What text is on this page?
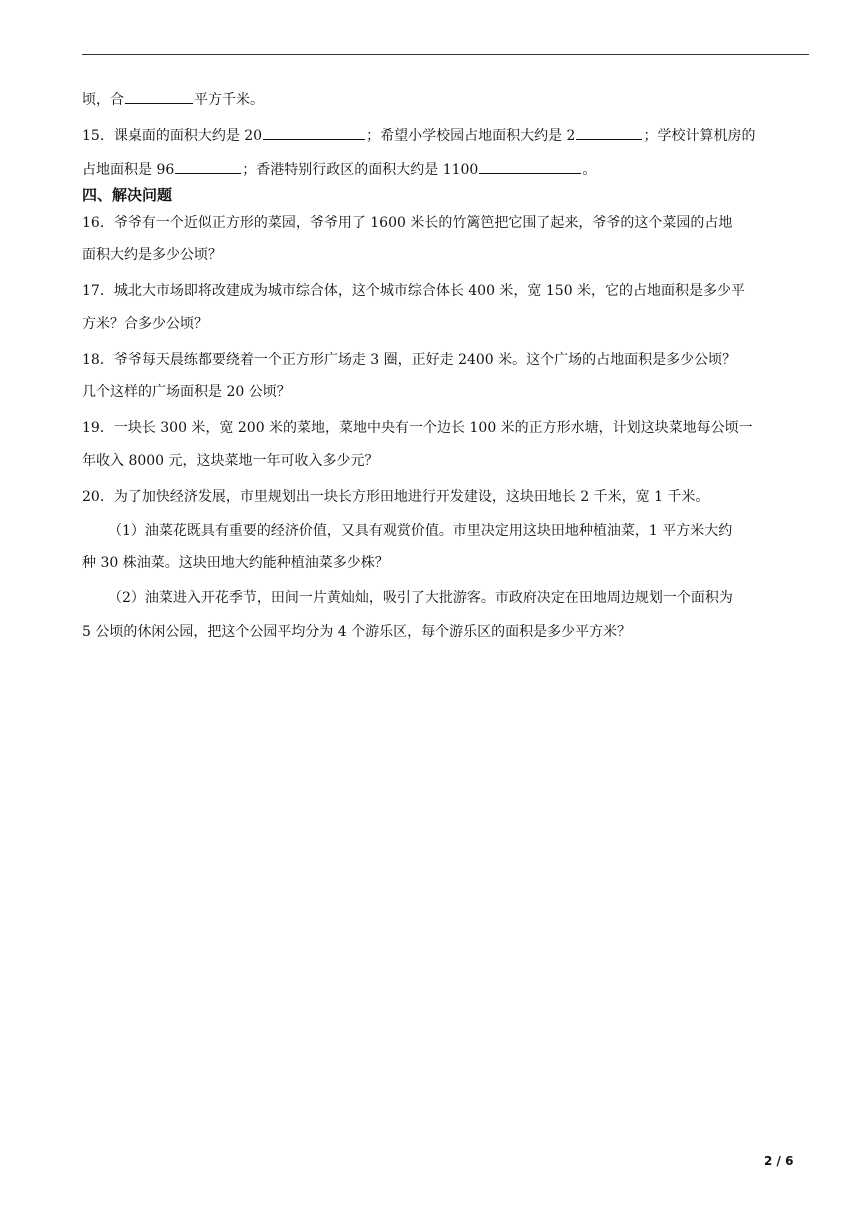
顷，合	平方千米。
15．课桌面的面积大约是 20	；希望小学校园占地面积大约是 2	；学校计算机房的
占地面积是 96	；香港特别行政区的面积大约是 1100	。
四、解决问题
16．爷爷有一个近似正方形的菜园，爷爷用了 1600 米长的竹篱笆把它围了起来，爷爷的这个菜园的占地
面积大约是多少公顷？
17．城北大市场即将改建成为城市综合体，这个城市综合体长 400 米，宽 150 米，它的占地面积是多少平
方米？合多少公顷？
18．爷爷每天晨练都要绕着一个正方形广场走 3 圈，正好走 2400 米。这个广场的占地面积是多少公顷？
几个这样的广场面积是 20 公顷？
19．一块长 300 米，宽 200 米的菜地，菜地中央有一个边长 100 米的正方形水塘，计划这块菜地每公顷一
年收入 8000 元，这块菜地一年可收入多少元？
20．为了加快经济发展，市里规划出一块长方形田地进行开发建设，这块田地长 2 千米，宽 1 千米。
（1）油菜花既具有重要的经济价值，又具有观赏价值。市里决定用这块田地种植油菜，1 平方米大约
种 30 株油菜。这块田地大约能种植油菜多少株？
（2）油菜进入开花季节，田间一片黄灿灿，吸引了大批游客。市政府决定在田地周边规划一个面积为
5 公顷的休闲公园，把这个公园平均分为 4 个游乐区，每个游乐区的面积是多少平方米？
2 / 6
